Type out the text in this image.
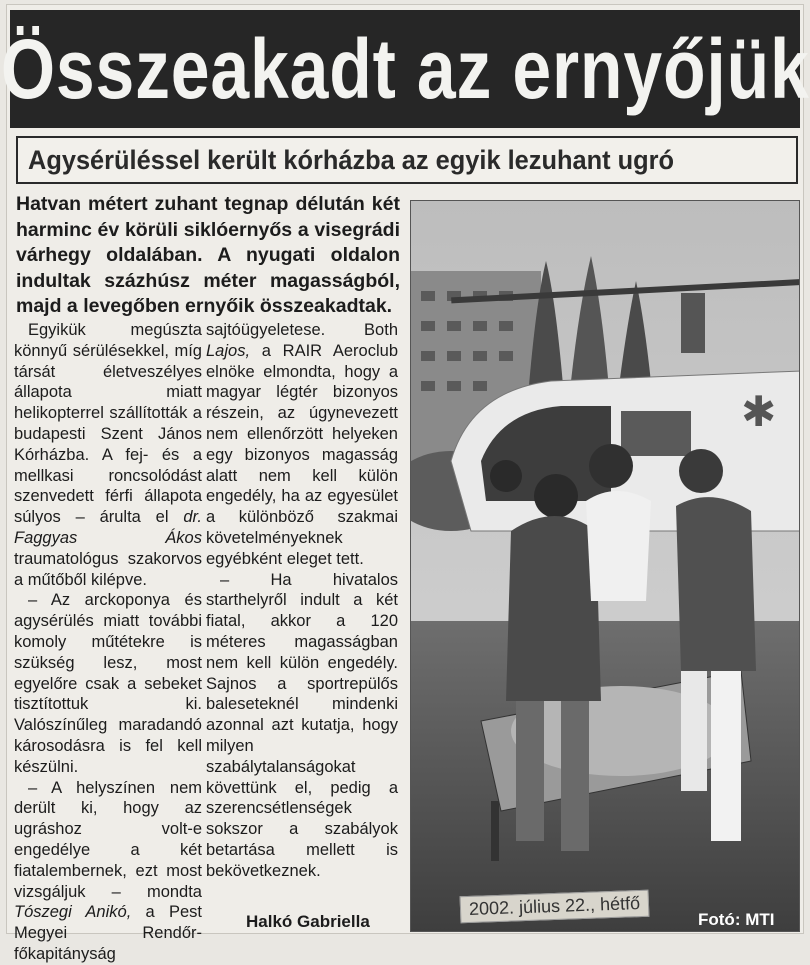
Összeakadt az ernyőjük
Agysérüléssel került kórházba az egyik lezuhant ugró

Hatvan métert zuhant tegnap délután két harminc év körüli siklóernyős a visegrádi várhegy oldalában. A nyugati oldalon indultak százhúsz méter magasságból, majd a levegőben ernyőik összeakadtak.

Egyikük megúszta könnyű sérülésekkel, míg társát életveszélyes állapota miatt helikopterrel szállították a budapesti Szent János Kórházba. A fej- és a mellkasi roncsolódást szenvedett férfi állapota súlyos – árulta el dr. Faggyas Ákos traumatológus szakorvos a műtőből kilépve.

– Az arckoponya és agysérülés miatt további komoly műtétekre is szükség lesz, most egyelőre csak a sebeket tisztítottuk ki. Valószínűleg maradandó károsodásra is fel kell készülni.

– A helyszínen nem derült ki, hogy az ugráshoz volt-e engedélye a két fiatalembernek, ezt most vizsgáljuk – mondta Tószegi Anikó, a Pest Megyei Rendőr-főkapitányság

sajtóügyeletese. Both Lajos, a RAIR Aeroclub elnöke elmondta, hogy a magyar légtér bizonyos részein, az úgynevezett nem ellenőrzött helyeken egy bizonyos magasság alatt nem kell külön engedély, ha az egyesület a különböző szakmai követelményeknek egyébként eleget tett.

– Ha hivatalos starthelyről indult a két fiatal, akkor a 120 méteres magasságban nem kell külön engedély. Sajnos a sportrepülős baleseteknél mindenki azonnal azt kutatja, hogy milyen szabálytalanságokat követtünk el, pedig a szerencsétlenségek sokszor a szabályok betartása mellett is bekövetkeznek.

Halkó Gabriella
✱
2002. július 22., hétfő
Fotó: MTI
